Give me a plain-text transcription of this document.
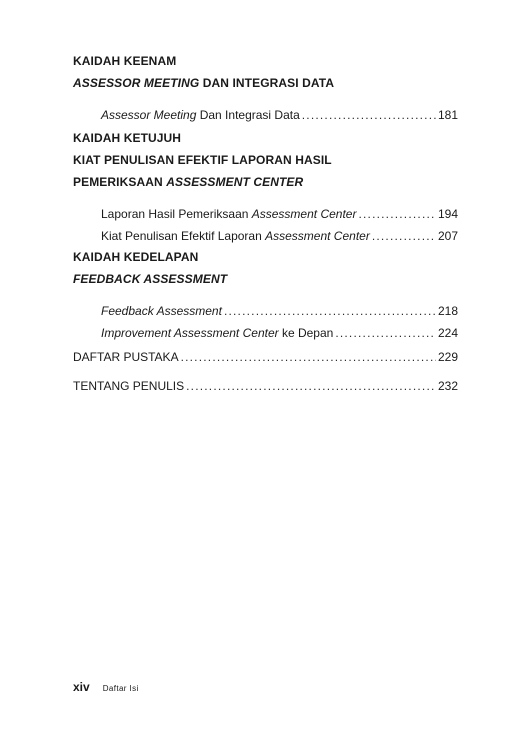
KAIDAH KEENAM
ASSESSOR MEETING DAN INTEGRASI DATA
Assessor Meeting Dan Integrasi Data .....	181
KAIDAH KETUJUH
KIAT PENULISAN EFEKTIF LAPORAN HASIL
PEMERIKSAAN ASSESSMENT CENTER
Laporan Hasil Pemeriksaan Assessment Center .....	194
Kiat Penulisan Efektif Laporan Assessment Center .....	207
KAIDAH KEDELAPAN
FEEDBACK ASSESSMENT
Feedback Assessment .....	218
Improvement Assessment Center ke Depan .....	224
DAFTAR PUSTAKA .....	229
TENTANG PENULIS .....	232
xiv Daftar Isi
